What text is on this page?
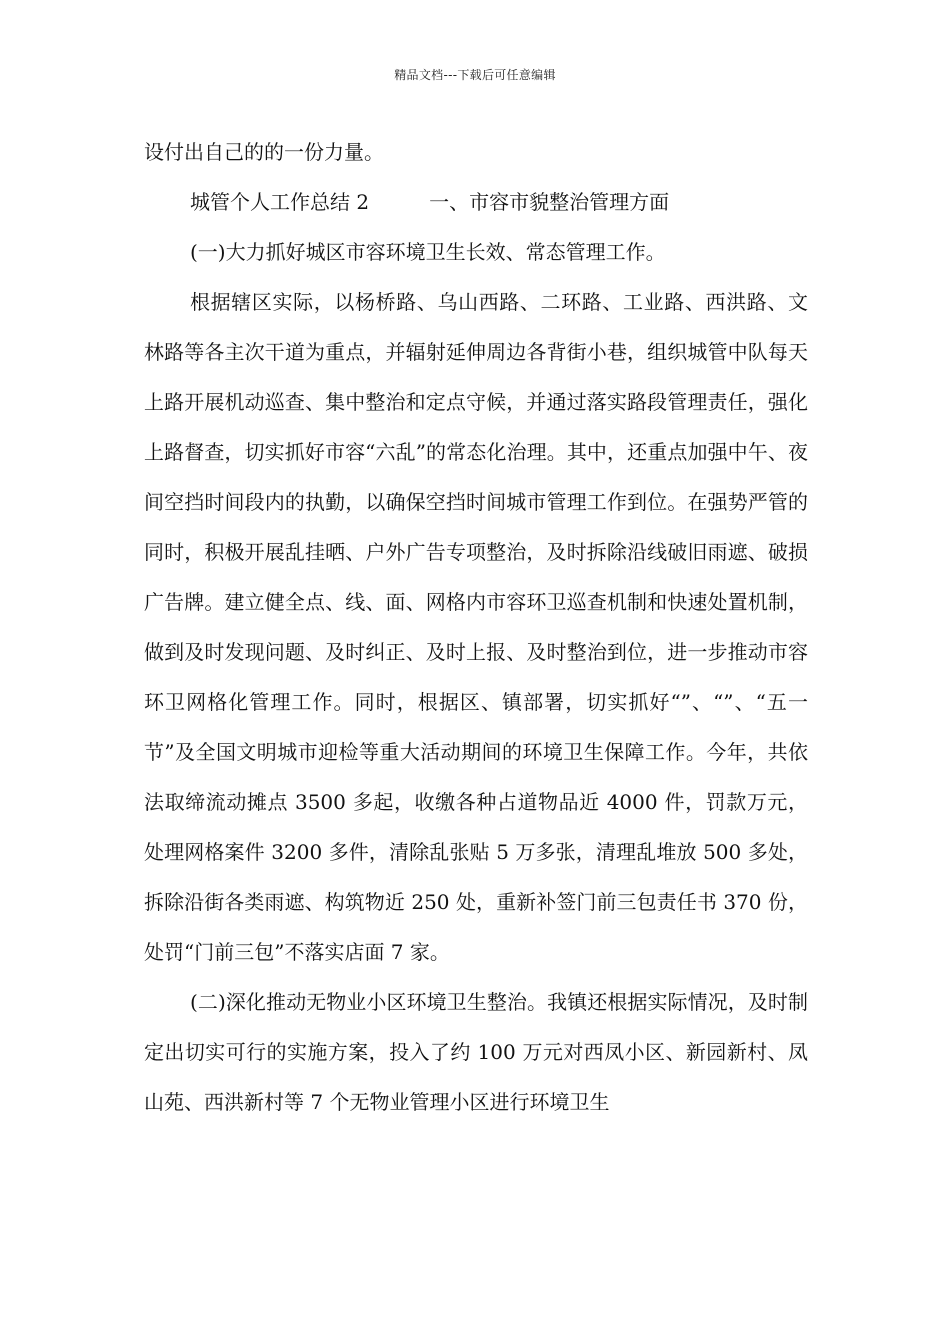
精品文档---下载后可任意编辑

设付出自己的的一份力量。

城管个人工作总结 2　　　一、市容市貌整治管理方面

(一)大力抓好城区市容环境卫生长效、常态管理工作。

根据辖区实际，以杨桥路、乌山西路、二环路、工业路、西洪路、文林路等各主次干道为重点，并辐射延伸周边各背街小巷，组织城管中队每天上路开展机动巡查、集中整治和定点守候，并通过落实路段管理责任，强化上路督查，切实抓好市容“六乱”的常态化治理。其中，还重点加强中午、夜间空挡时间段内的执勤，以确保空挡时间城市管理工作到位。在强势严管的同时，积极开展乱挂晒、户外广告专项整治，及时拆除沿线破旧雨遮、破损广告牌。建立健全点、线、面、网格内市容环卫巡查机制和快速处置机制，做到及时发现问题、及时纠正、及时上报、及时整治到位，进一步推动市容环卫网格化管理工作。同时，根据区、镇部署，切实抓好“”、“”、“五一节”及全国文明城市迎检等重大活动期间的环境卫生保障工作。今年，共依法取缔流动摊点 3500 多起，收缴各种占道物品近 4000 件，罚款万元，处理网格案件 3200 多件，清除乱张贴 5 万多张，清理乱堆放 500 多处，拆除沿街各类雨遮、构筑物近 250 处，重新补签门前三包责任书 370 份，处罚“门前三包”不落实店面 7 家。

(二)深化推动无物业小区环境卫生整治。我镇还根据实际情况，及时制定出切实可行的实施方案，投入了约 100 万元对西凤小区、新园新村、凤山苑、西洪新村等 7 个无物业管理小区进行环境卫生
